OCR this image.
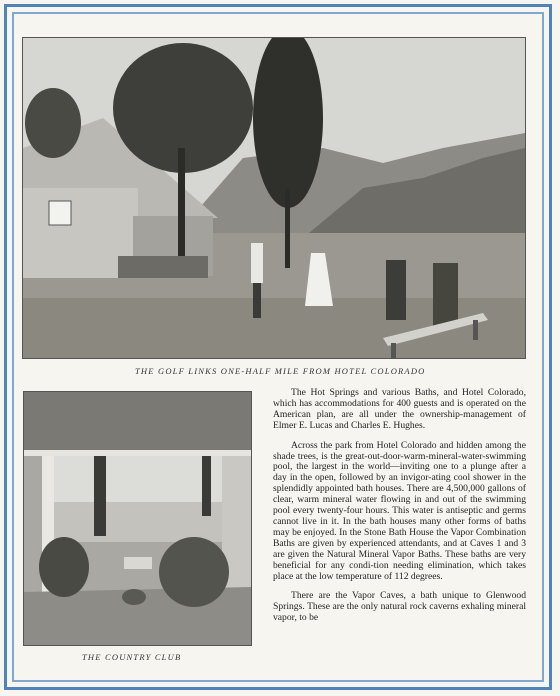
THE GOLF LINKS ONE-HALF MILE FROM HOTEL COLORADO
THE COUNTRY CLUB

The Hot Springs and various Baths, and Hotel Colorado, which has accommodations for 400 guests and is operated on the American plan, are all under the ownership-management of Elmer E. Lucas and Charles E. Hughes.

Across the park from Hotel Colorado and hidden among the shade trees, is the great-out-door-warm-mineral-water-swimming pool, the largest in the world—inviting one to a plunge after a day in the open, followed by an invigor-ating cool shower in the splendidly appointed bath houses. There are 4,500,000 gallons of clear, warm mineral water flowing in and out of the swimming pool every twenty-four hours. This water is antiseptic and germs cannot live in it. In the bath houses many other forms of baths may be enjoyed. In the Stone Bath House the Vapor Combination Baths are given by experienced attendants, and at Caves 1 and 3 are given the Natural Mineral Vapor Baths. These baths are very beneficial for any condi-tion needing elimination, which takes place at the low temperature of 112 degrees.

There are the Vapor Caves, a bath unique to Glenwood Springs. These are the only natural rock caverns exhaling mineral vapor, to be
